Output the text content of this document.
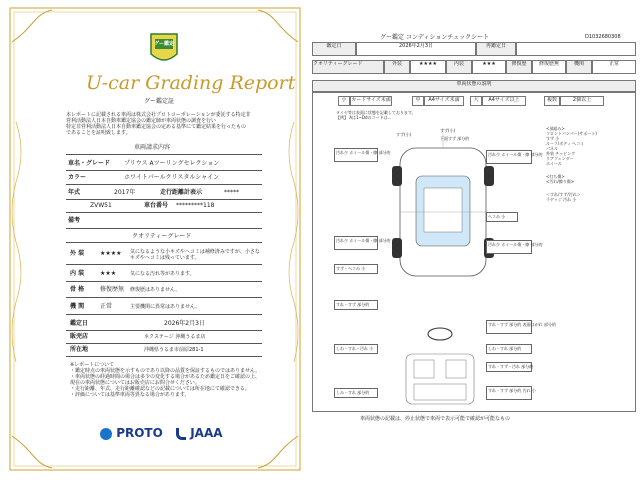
グー鑑定
U-car Grading Report
グー鑑定証
本レポートに記載される車両は株式会社プロトコーポレーションが委託する特定非
営利活動法人日本自動車鑑定協会の鑑定師が車両状態の調査を行い
特定非営利活動法人日本自動車鑑定協会の定める基準にて鑑定結果を行ったもの
であることを証明致します。
車両請求内容
車名・グレード プリウス Aツーリングセレクション
カラー	ホワイトパールクリスタルシャイン
年式	2017年	走行距離計表示	*****
ZVW51	車台番号 *********118
備考
クオリティーグレード
外 装	★★★★ 気になるような小キズやヘコミは補修済みですが、小さなキズやヘコミは残っています。
内 装	★★★	気になる汚れ等があります。
骨 格	修復歴無 修復歴はありません。
機 関	正常	主要機関に異常はありません。
鑑定日	2026年2月3日
販売店	ネクステージ 沖縄うるま店
所在地	沖縄県うるま市前原281-1
※レポートについて
・鑑定時点の車両状態を示すものであり以降の品質を保証するものではありません。
・車両状態の経過時間の場合は多少の変化する場合があるため鑑定日をご確認の上、
現在の車両状態についてはお販売店にお問合せください。
・走行距離、年式、走行距離確認などの記載については所在地にて確認できる。
・評価については基準車両等異なる場合があります。
PROTO	JAAA
D1032680308
グー鑑定 コンディションチェックシート
鑑定日	2026年2月3日	再鑑定日
クオリティーグレード	外装	★★★★	内装	★★★	修復歴	修復歴無	機関	正常
車両状態の説明
小 カードサイズ未満	中	A4サイズ未満	大	A4サイズ以上	複数	2個以上
タイヤ等は表面に状態を記載しております。
【例】 Aは1~Ddのコードは...
すず(小)
下面すず 部分的
すず(小)
汚れ少 ホイール傷・擦 部分的
汚れ少 ホイール傷・擦 部分的
すず・ヘコみ 小
すれ・すず 部分的
しわ・すれ・汚れ 小
しみ・すれ 部分的
汚れ少 ホイール傷・擦 部分的
ヘコみ 小
汚れ少 ホイール傷・擦 部分的
すれ・すず 部分的 表面はがれ 部分的
しわ・すれ 部分的
すれ・すず・汚れ 部分的
すれ・すず 部分的 汚れ 小
<部組み>
フロントバンパー(サポート)
すず 小
ルーフ/ボディ ヘコミ
パネル
外装 チッピング
リアフェンダー
ホイール
<打ち傷>
<汚れ/擦り傷>
＜すれ/すず/汚れ＞
ラゲッジ 汚れ 小
車両状態の記載は、停止状態で車両で表示可能で確認が可能なもの
